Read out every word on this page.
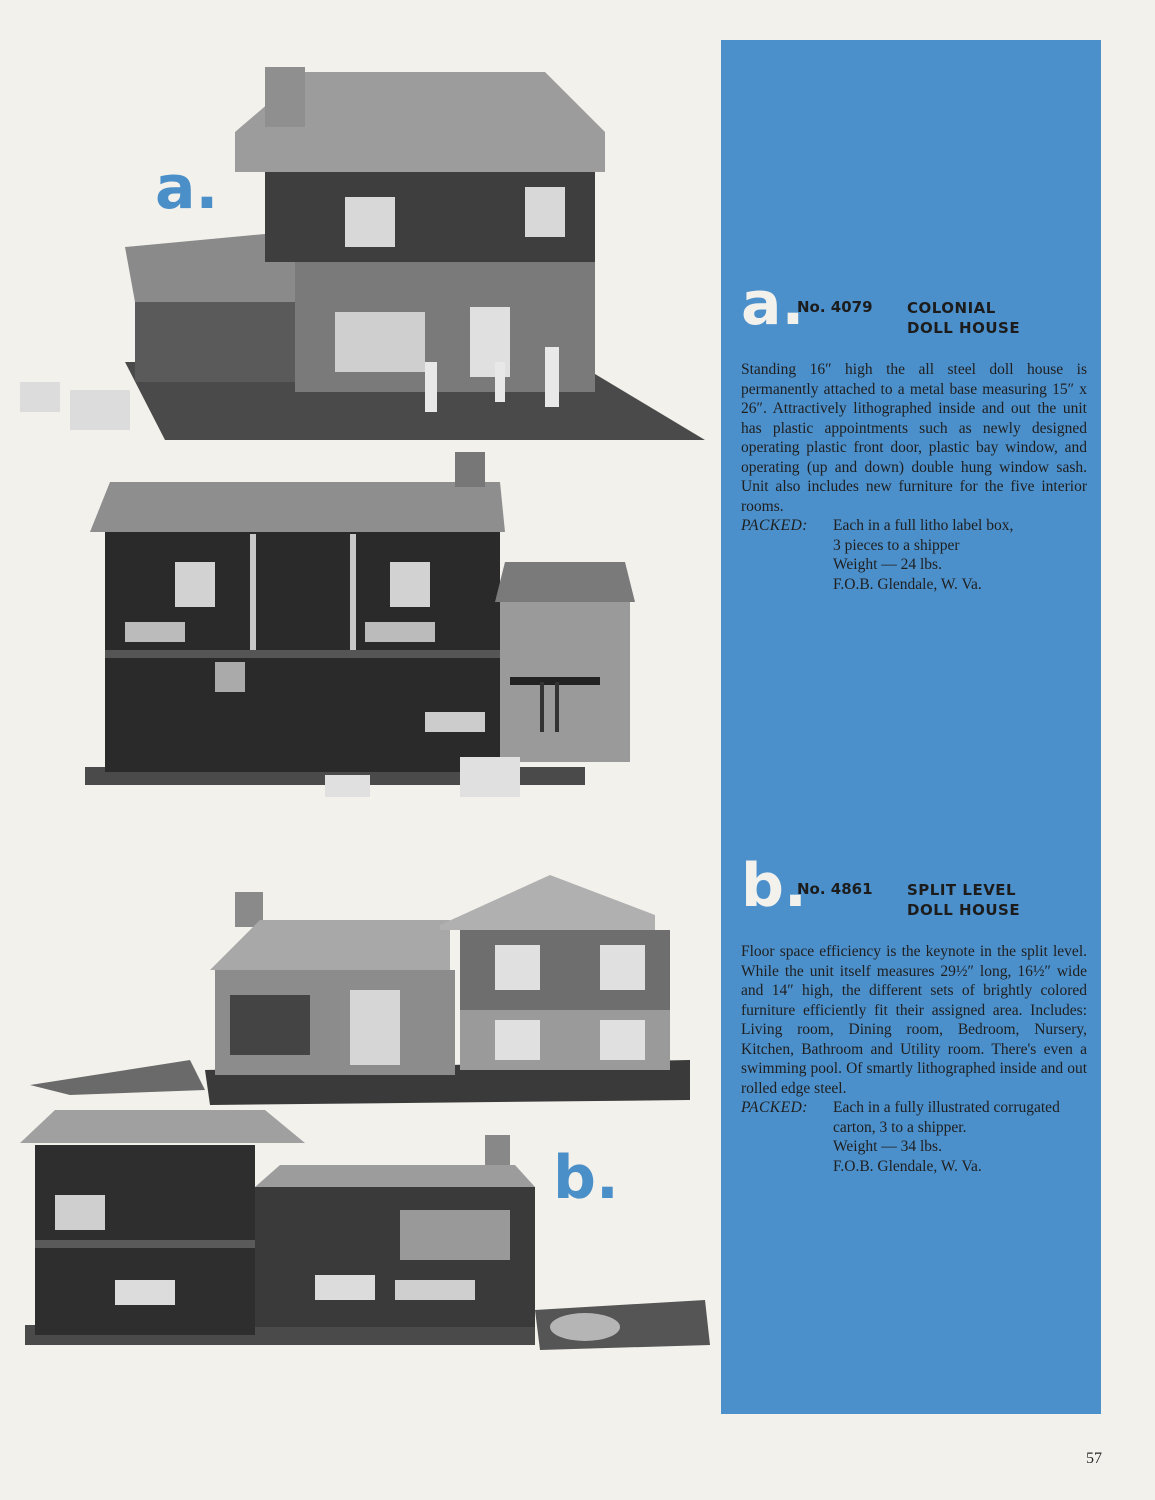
a.
b.
a.
No. 4079 COLONIAL
DOLL HOUSE

Standing 16″ high the all steel doll house is permanently attached to a metal base measuring 15″ x 26″. Attractively lithographed inside and out the unit has plastic appointments such as newly designed operating plastic front door, plastic bay window, and operating (up and down) double hung window sash. Unit also includes new furniture for the five interior rooms.

PACKED:	Each in a full litho label box,
3 pieces to a shipper
Weight — 24 lbs.
F.O.B. Glendale, W. Va.
b.
No. 4861 SPLIT LEVEL
DOLL HOUSE

Floor space efficiency is the keynote in the split level. While the unit itself measures 29½″ long, 16½″ wide and 14″ high, the different sets of brightly colored furniture efficiently fit their assigned area. Includes: Living room, Dining room, Bedroom, Nursery, Kitchen, Bathroom and Utility room. There's even a swimming pool. Of smartly lithographed inside and out rolled edge steel.

PACKED:	Each in a fully illustrated corrugated carton, 3 to a shipper.
Weight — 34 lbs.
F.O.B. Glendale, W. Va.
57
